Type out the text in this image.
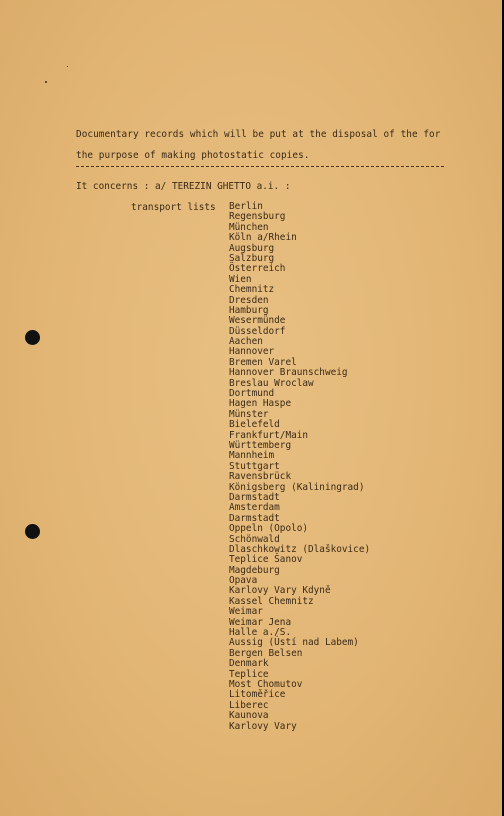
Documentary records which will be put at the disposal of the for
the purpose of making photostatic copies.
It concerns : a/ TEREZIN GHETTO a.i. :
transport lists Berlin
Regensburg
München
Köln a/Rhein
Augsburg
Salzburg
Österreich
Wien
Chemnitz
Dresden
Hamburg
Wesermünde
Düsseldorf
Aachen
Hannover
Bremen Varel
Hannover Braunschweig
Breslau Wroclaw
Dortmund
Hagen Haspe
Münster
Bielefeld
Frankfurt/Main
Württemberg
Mannheim
Stuttgart
Ravensbrück
Königsberg (Kaliningrad)
Darmstadt
Amsterdam
Darmstadt
Oppeln (Opolo)
Schönwald
Dlaschkowitz (Dlaškovice)
Teplice Šanov
Magdeburg
Opava
Karlovy Vary Kdyně
Kassel Chemnitz
Weimar
Weimar Jena
Halle a./S.
Aussig (Ústí nad Labem)
Bergen Belsen
Denmark
Teplice
Most Chomutov
Litoměřice
Liberec
Kaunova
Karlovy Vary
